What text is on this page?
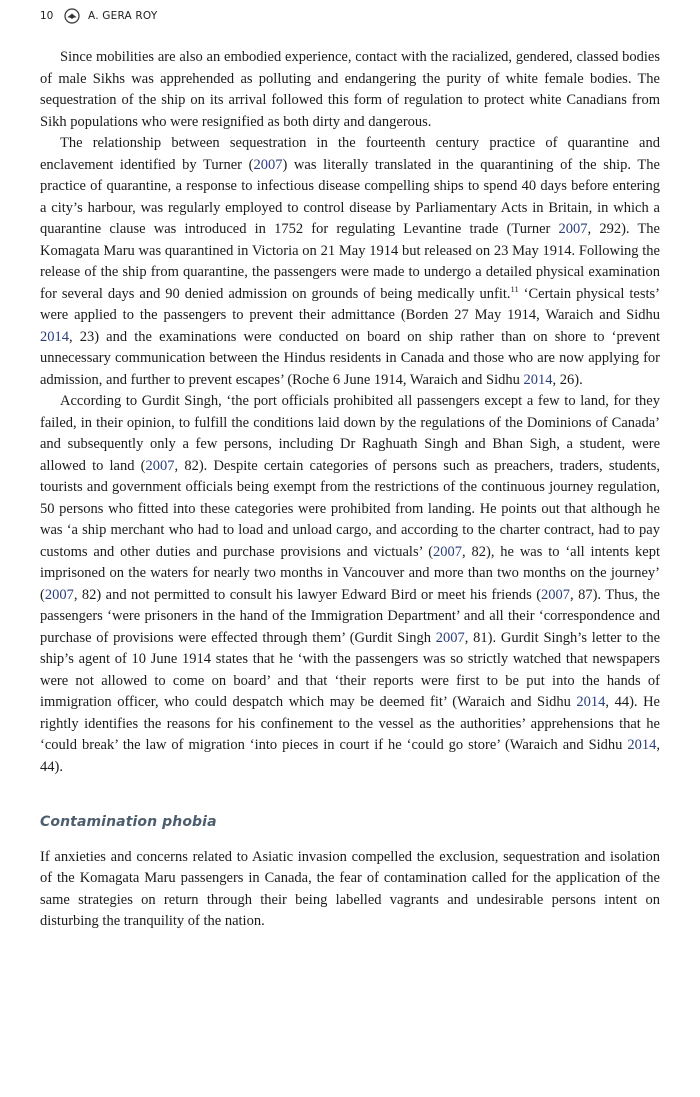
10	A. GERA ROY

Since mobilities are also an embodied experience, contact with the racialized, gendered, classed bodies of male Sikhs was apprehended as polluting and endangering the purity of white female bodies. The sequestration of the ship on its arrival followed this form of regulation to protect white Canadians from Sikh populations who were resignified as both dirty and dangerous.

The relationship between sequestration in the fourteenth century practice of quarantine and enclavement identified by Turner (2007) was literally translated in the quarantining of the ship. The practice of quarantine, a response to infectious disease compelling ships to spend 40 days before entering a city’s harbour, was regularly employed to control disease by Parliamentary Acts in Britain, in which a quarantine clause was introduced in 1752 for regulating Levantine trade (Turner 2007, 292). The Komagata Maru was quarantined in Victoria on 21 May 1914 but released on 23 May 1914. Following the release of the ship from quarantine, the passengers were made to undergo a detailed physical examination for several days and 90 denied admission on grounds of being medically unfit.$^{11}$ ‘Certain physical tests’ were applied to the passengers to prevent their admittance (Borden 27 May 1914, Waraich and Sidhu 2014, 23) and the examinations were conducted on board on ship rather than on shore to ‘prevent unnecessary communication between the Hindus residents in Canada and those who are now applying for admission, and further to prevent escapes’ (Roche 6 June 1914, Waraich and Sidhu 2014, 26).

According to Gurdit Singh, ‘the port officials prohibited all passengers except a few to land, for they failed, in their opinion, to fulfill the conditions laid down by the regulations of the Dominions of Canada’ and subsequently only a few persons, including Dr Raghuath Singh and Bhan Sigh, a student, were allowed to land (2007, 82). Despite certain categories of persons such as preachers, traders, students, tourists and government officials being exempt from the restrictions of the continuous journey regulation, 50 persons who fitted into these categories were prohibited from landing. He points out that although he was ‘a ship merchant who had to load and unload cargo, and according to the charter contract, had to pay customs and other duties and purchase provisions and victuals’ (2007, 82), he was to ‘all intents kept imprisoned on the waters for nearly two months in Vancouver and more than two months on the journey’ (2007, 82) and not permitted to consult his lawyer Edward Bird or meet his friends (2007, 87). Thus, the passengers ‘were prisoners in the hand of the Immigration Department’ and all their ‘correspondence and purchase of provisions were effected through them’ (Gurdit Singh 2007, 81). Gurdit Singh’s letter to the ship’s agent of 10 June 1914 states that he ‘with the passengers was so strictly watched that newspapers were not allowed to come on board’ and that ‘their reports were first to be put into the hands of immigration officer, who could despatch which may be deemed fit’ (Waraich and Sidhu 2014, 44). He rightly identifies the reasons for his confinement to the vessel as the authorities’ apprehensions that he ‘could break’ the law of migration ‘into pieces in court if he ‘could go store’ (Waraich and Sidhu 2014, 44).

Contamination phobia

If anxieties and concerns related to Asiatic invasion compelled the exclusion, sequestration and isolation of the Komagata Maru passengers in Canada, the fear of contamination called for the application of the same strategies on return through their being labelled vagrants and undesirable persons intent on disturbing the tranquility of the nation.
